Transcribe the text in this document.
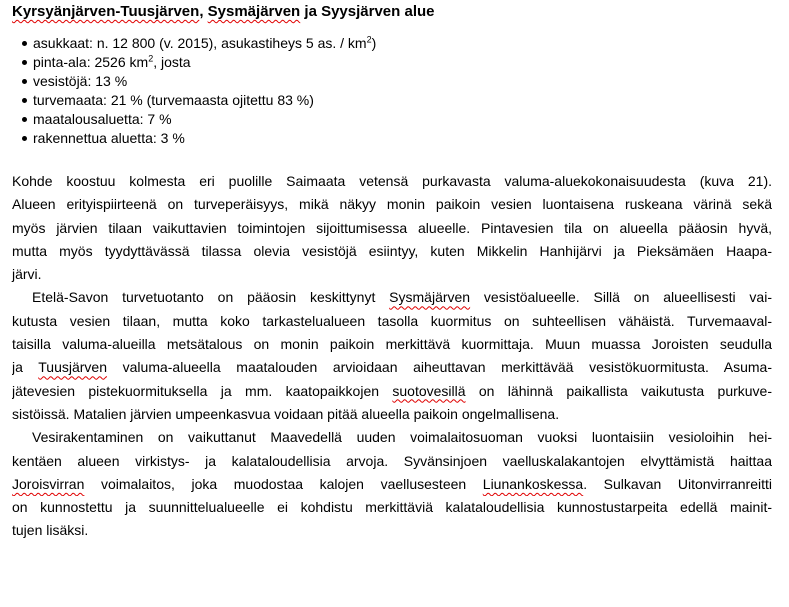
Kyrsyänjärven-Tuusjärven, Sysmäjärven ja Syysjärven alue
asukkaat: n. 12 800 (v. 2015), asukastiheys 5 as. / $km^2$)
pinta-ala: 2526 $km^2$, josta
vesistöjä: 13 %
turvemaata: 21 % (turvemaasta ojitettu 83 %)
maatalousaluetta: 7 %
rakennettua aluetta: 3 %
Kohde koostuu kolmesta eri puolille Saimaata vetensä purkavasta valuma-aluekokonaisuudesta (kuva 21).
Alueen erityispiirteenä on turveperäisyys, mikä näkyy monin paikoin vesien luontaisena ruskeana värinä sekä
myös järvien tilaan vaikuttavien toimintojen sijoittumisessa alueelle. Pintavesien tila on alueella pääosin hyvä,
mutta myös tyydyttävässä tilassa olevia vesistöjä esiintyy, kuten Mikkelin Hanhijärvi ja Pieksämäen Haapa-
järvi.
Etelä-Savon turvetuotanto on pääosin keskittynyt Sysmäjärven vesistöalueelle. Sillä on alueellisesti vai-
kutusta vesien tilaan, mutta koko tarkastelualueen tasolla kuormitus on suhteellisen vähäistä. Turvemaaval-
taisilla valuma-alueilla metsätalous on monin paikoin merkittävä kuormittaja. Muun muassa Joroisten seudulla
ja Tuusjärven valuma-alueella maatalouden arvioidaan aiheuttavan merkittävää vesistökuormitusta. Asuma-
jätevesien pistekuormituksella ja mm. kaatopaikkojen suotovesillä on lähinnä paikallista vaikutusta purkuve-
sistöissä. Matalien järvien umpeenkasvua voidaan pitää alueella paikoin ongelmallisena.
Vesirakentaminen on vaikuttanut Maavedellä uuden voimalaitosuoman vuoksi luontaisiin vesioloihin hei-
kentäen alueen virkistys- ja kalataloudellisia arvoja. Syvänsinjoen vaelluskalakantojen elvyttämistä haittaa
Joroisvirran voimalaitos, joka muodostaa kalojen vaellusesteen Liunankoskessa. Sulkavan Uitonvirranreitti
on kunnostettu ja suunnittelualueelle ei kohdistu merkittäviä kalataloudellisia kunnostustarpeita edellä mainit-
tujen lisäksi.
